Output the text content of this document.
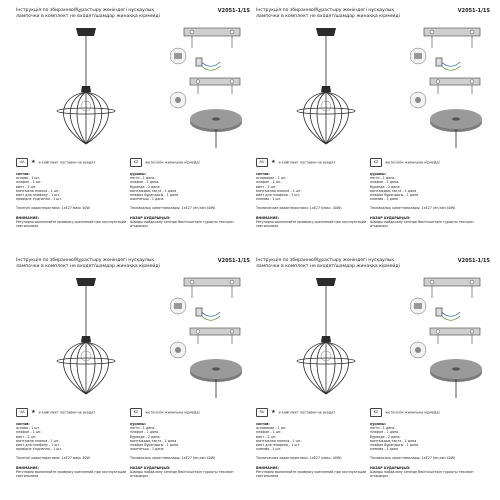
Інструкція по збиранню/Құрастыру жөніндегі нұсқаулық	V2051-1/1S
лампочки в комплект не входят/шамдар жинаққа кірмейді
UA ★ в комплект поставки не входит
состав:
основа - 1 шт.
плафон - 1 шт.
винт - 2 шт.
монтажна планка - 1 шт.
винт для плафону - 1 шт.
провідне з'єднання - 1 шт.
Технічні характеристики: 1xE27 макс 40W
ВНИМАНИЕ:
Регулярно выполняйте проверку креплений при эксплуатации светильника
KZ жеткізілім жинағына кірмейді
құрамы:
негізі - 1 дана.
плафон - 1 дана.
бұранда - 2 дана.
монтаждық тақта - 1 дана
плафон бұрандасы - 1 дана
жалғағыш - 1 дана
Техникалық сипаттамалары: 1xE27 (ең көп 40W)
НАЗАР АУДАРЫҢЫЗ:
Шамды пайдалану кезінде бекіткіштерін тұрақты тексеріп отырыңыз
Інструкція по збиранню/Құрастыру жөніндегі нұсқаулық	V2051-1/1S
лампочки в комплект не входят/шамдар жинаққа кірмейді
RU ★ в комплект поставки не входит
состав:
основание - 1 шт.
плафон - 1 шт.
винт - 2 шт.
монтажная планка - 1 шт.
винт для плафона - 1 шт.
клемма - 1 шт.
Технические характеристики: 1xE27 (макс. 40W)
ВНИМАНИЕ:
Регулярно выполняйте проверку креплений при эксплуатации светильника
KZ жеткізілім жинағына кірмейді
құрамы:
негізі - 1 дана.
плафон - 1 дана.
бұранда - 2 дана.
монтаждық тақта - 1 дана
плафон бұрандасы - 1 дана
клемма - 1 дана
Техникалық сипаттамалары: 1xE27 (ең көп 40W)
НАЗАР АУДАРЫҢЫЗ:
Шамды пайдалану кезінде бекіткіштерін тұрақты тексеріп отырыңыз
Інструкція по збиранню/Құрастыру жөніндегі нұсқаулық	V2051-1/1S
лампочки в комплект не входят/шамдар жинаққа кірмейді
UA ★ в комплект поставки не входит
состав:
основа - 1 шт.
плафон - 1 шт.
винт - 2 шт.
монтажна планка - 1 шт.
винт для плафону - 1 шт.
провідне з'єднання - 1 шт.
Технічні характеристики: 1xE27 макс 40W
ВНИМАНИЕ:
Регулярно выполняйте проверку креплений при эксплуатации светильника
KZ жеткізілім жинағына кірмейді
құрамы:
негізі - 1 дана.
плафон - 1 дана.
бұранда - 2 дана.
монтаждық тақта - 1 дана
плафон бұрандасы - 1 дана
жалғағыш - 1 дана
Техникалық сипаттамалары: 1xE27 (ең көп 40W)
НАЗАР АУДАРЫҢЫЗ:
Шамды пайдалану кезінде бекіткіштерін тұрақты тексеріп отырыңыз
Інструкція по збиранню/Құрастыру жөніндегі нұсқаулық	V2051-1/1S
лампочки в комплект не входят/шамдар жинаққа кірмейді
RU ★ в комплект поставки не входит
состав:
основание - 1 шт.
плафон - 1 шт.
винт - 2 шт.
монтажная планка - 1 шт.
винт для плафона - 1 шт.
клемма - 1 шт.
Технические характеристики: 1xE27 (макс. 40W)
ВНИМАНИЕ:
Регулярно выполняйте проверку креплений при эксплуатации светильника
KZ жеткізілім жинағына кірмейді
құрамы:
негізі - 1 дана.
плафон - 1 дана.
бұранда - 2 дана.
монтаждық тақта - 1 дана
плафон бұрандасы - 1 дана
клемма - 1 дана
Техникалық сипаттамалары: 1xE27 (ең көп 40W)
НАЗАР АУДАРЫҢЫЗ:
Шамды пайдалану кезінде бекіткіштерін тұрақты тексеріп отырыңыз
